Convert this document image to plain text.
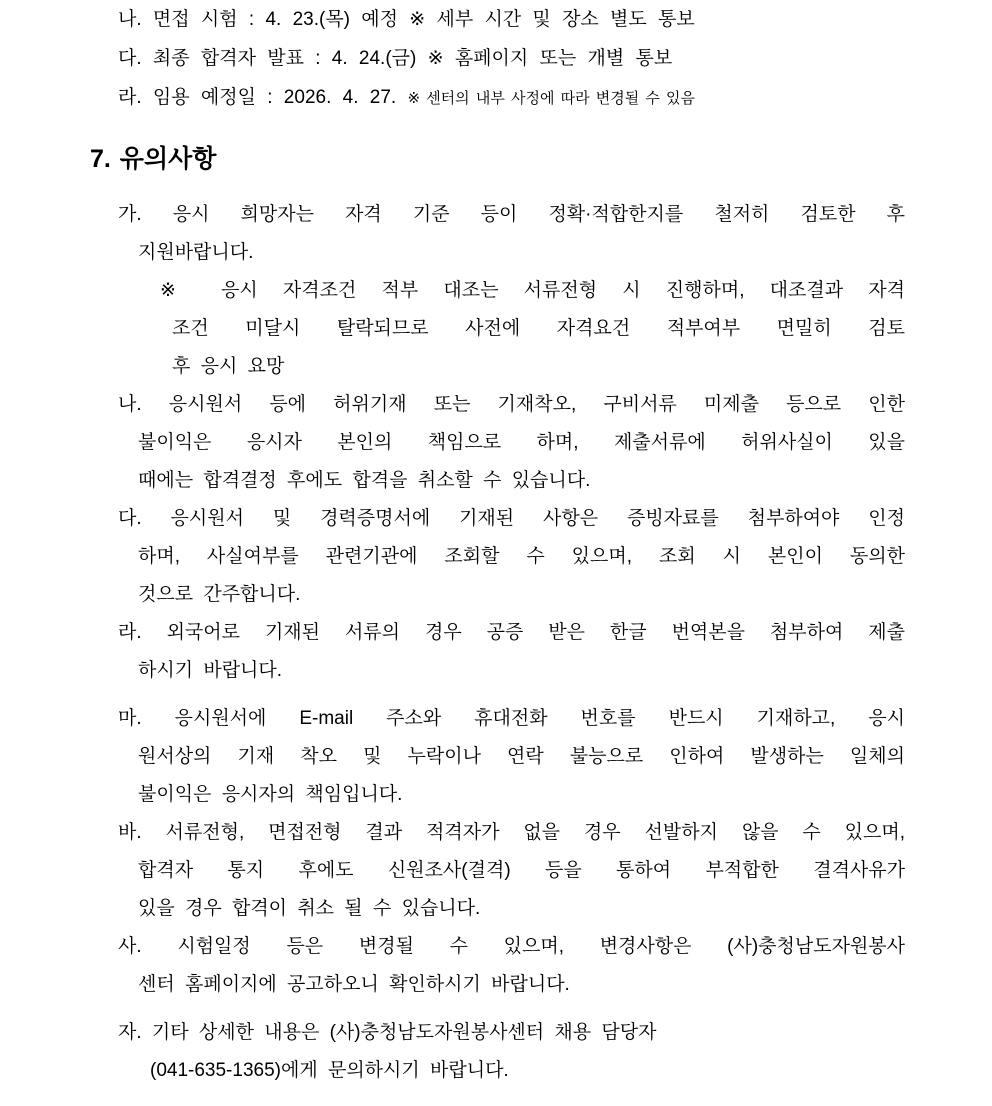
나. 면접 시험 : 4. 23.(목) 예정 ※ 세부 시간 및 장소 별도 통보
다. 최종 합격자 발표 : 4. 24.(금) ※ 홈페이지 또는 개별 통보
라. 임용 예정일 : 2026. 4. 27. ※ 센터의 내부 사정에 따라 변경될 수 있음
7. 유의사항
가. 응시 희망자는 자격 기준 등이 정확·적합한지를 철저히 검토한 후
지원바랍니다.
※ 응시 자격조건 적부 대조는 서류전형 시 진행하며, 대조결과 자격
조건 미달시 탈락되므로 사전에 자격요건 적부여부 면밀히 검토
후 응시 요망
나. 응시원서 등에 허위기재 또는 기재착오, 구비서류 미제출 등으로 인한
불이익은 응시자 본인의 책임으로 하며, 제출서류에 허위사실이 있을
때에는 합격결정 후에도 합격을 취소할 수 있습니다.
다. 응시원서 및 경력증명서에 기재된 사항은 증빙자료를 첨부하여야 인정
하며, 사실여부를 관련기관에 조회할 수 있으며, 조회 시 본인이 동의한
것으로 간주합니다.
라. 외국어로 기재된 서류의 경우 공증 받은 한글 번역본을 첨부하여 제출
하시기 바랍니다.
마. 응시원서에 E-mail 주소와 휴대전화 번호를 반드시 기재하고, 응시
원서상의 기재 착오 및 누락이나 연락 불능으로 인하여 발생하는 일체의
불이익은 응시자의 책임입니다.
바. 서류전형, 면접전형 결과 적격자가 없을 경우 선발하지 않을 수 있으며,
합격자 통지 후에도 신원조사(결격) 등을 통하여 부적합한 결격사유가
있을 경우 합격이 취소 될 수 있습니다.
사. 시험일정 등은 변경될 수 있으며, 변경사항은 (사)충청남도자원봉사
센터 홈페이지에 공고하오니 확인하시기 바랍니다.
자. 기타 상세한 내용은 (사)충청남도자원봉사센터 채용 담당자
(041-635-1365)에게 문의하시기 바랍니다.
